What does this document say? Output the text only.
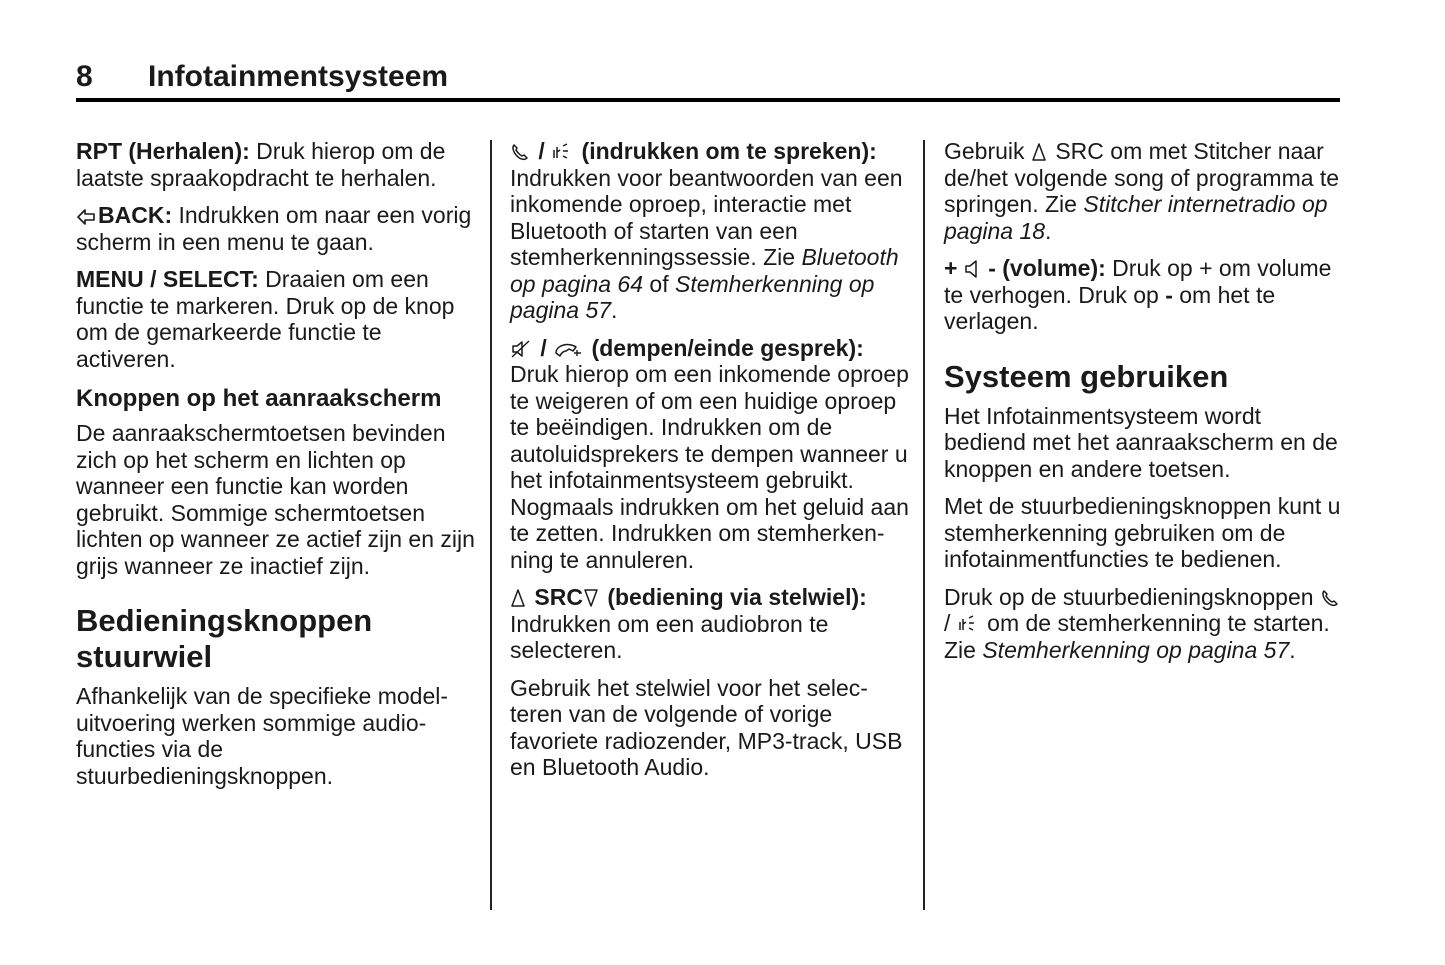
8 Infotainmentsysteem

RPT (Herhalen): Druk hierop om de laatste spraakopdracht te herhalen.

BACK: Indrukken om naar een vorig scherm in een menu te gaan.

MENU / SELECT: Draaien om een functie te markeren. Druk op de knop om de gemarkeerde functie te activeren.

Knoppen op het aanraakscherm

De aanraakschermtoetsen bevinden zich op het scherm en lichten op wanneer een functie kan worden gebruikt. Sommige schermtoetsen lichten op wanneer ze actief zijn en zijn grijs wanneer ze inactief zijn.

Bedieningsknoppen stuurwiel

Afhankelijk van de specifieke modeluitvoering werken sommige audiofuncties via de stuurbedieningsknoppen.

/
(indrukken om te spreken): Indrukken voor beantwoorden van een inkomende oproep, interactie met Bluetooth of starten van een stemherkenningssessie. Zie Bluetooth op pagina 64 of Stemherkenning op pagina 57.

/
(dempen/einde gesprek): Druk hierop om een inkomende oproep te weigeren of om een huidige oproep te beëindigen. Indrukken om de autoluidsprekers te dempen wanneer u het infotainmentsysteem gebruikt. Nogmaals indrukken om het geluid aan te zetten. Indrukken om stemherkenning te annuleren.

SRC
(bediening via stelwiel): Indrukken om een audiobron te selecteren.

Gebruik het stelwiel voor het selecteren van de volgende of vorige favoriete radiozender, MP3-track, USB en Bluetooth Audio.

Gebruik
SRC om met Stitcher naar de/het volgende song of programma te springen. Zie Stitcher internetradio op pagina 18.

+
- (volume): Druk op + om volume te verhogen. Druk op - om het te verlagen.

Systeem gebruiken

Het Infotainmentsysteem wordt bediend met het aanraakscherm en de knoppen en andere toetsen.

Met de stuurbedieningsknoppen kunt u stemherkenning gebruiken om de infotainmentfuncties te bedienen.

Druk op de stuurbedieningsknoppen
/
om de stemherkenning te starten. Zie Stemherkenning op pagina 57.
